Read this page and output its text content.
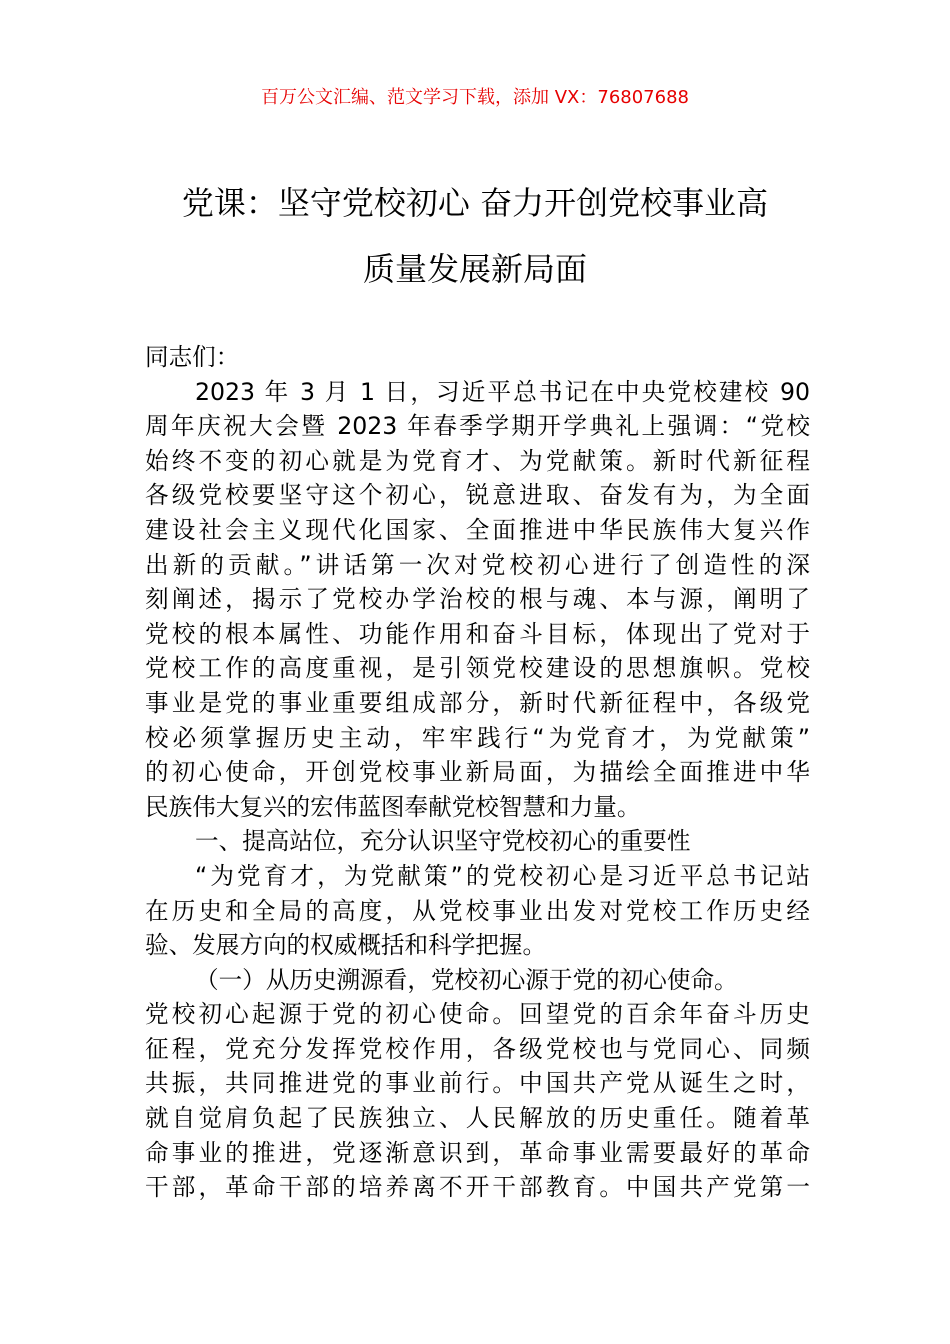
百万公文汇编、范文学习下载，添加 VX：76807688
党课：坚守党校初心 奋力开创党校事业高
质量发展新局面
同志们：
2023 年 3 月 1 日，习近平总书记在中央党校建校 90
周年庆祝大会暨 2023 年春季学期开学典礼上强调：“党校
始终不变的初心就是为党育才、为党献策。新时代新征程
各级党校要坚守这个初心，锐意进取、奋发有为，为全面
建设社会主义现代化国家、全面推进中华民族伟大复兴作
出新的贡献。”讲话第一次对党校初心进行了创造性的深
刻阐述，揭示了党校办学治校的根与魂、本与源，阐明了
党校的根本属性、功能作用和奋斗目标，体现出了党对于
党校工作的高度重视，是引领党校建设的思想旗帜。党校
事业是党的事业重要组成部分，新时代新征程中，各级党
校必须掌握历史主动，牢牢践行“为党育才，为党献策”
的初心使命，开创党校事业新局面，为描绘全面推进中华
民族伟大复兴的宏伟蓝图奉献党校智慧和力量。
一、提高站位，充分认识坚守党校初心的重要性
“为党育才，为党献策”的党校初心是习近平总书记站
在历史和全局的高度，从党校事业出发对党校工作历史经
验、发展方向的权威概括和科学把握。
（一）从历史溯源看，党校初心源于党的初心使命。
党校初心起源于党的初心使命。回望党的百余年奋斗历史
征程，党充分发挥党校作用，各级党校也与党同心、同频
共振，共同推进党的事业前行。中国共产党从诞生之时，
就自觉肩负起了民族独立、人民解放的历史重任。随着革
命事业的推进，党逐渐意识到，革命事业需要最好的革命
干部，革命干部的培养离不开干部教育。中国共产党第一
